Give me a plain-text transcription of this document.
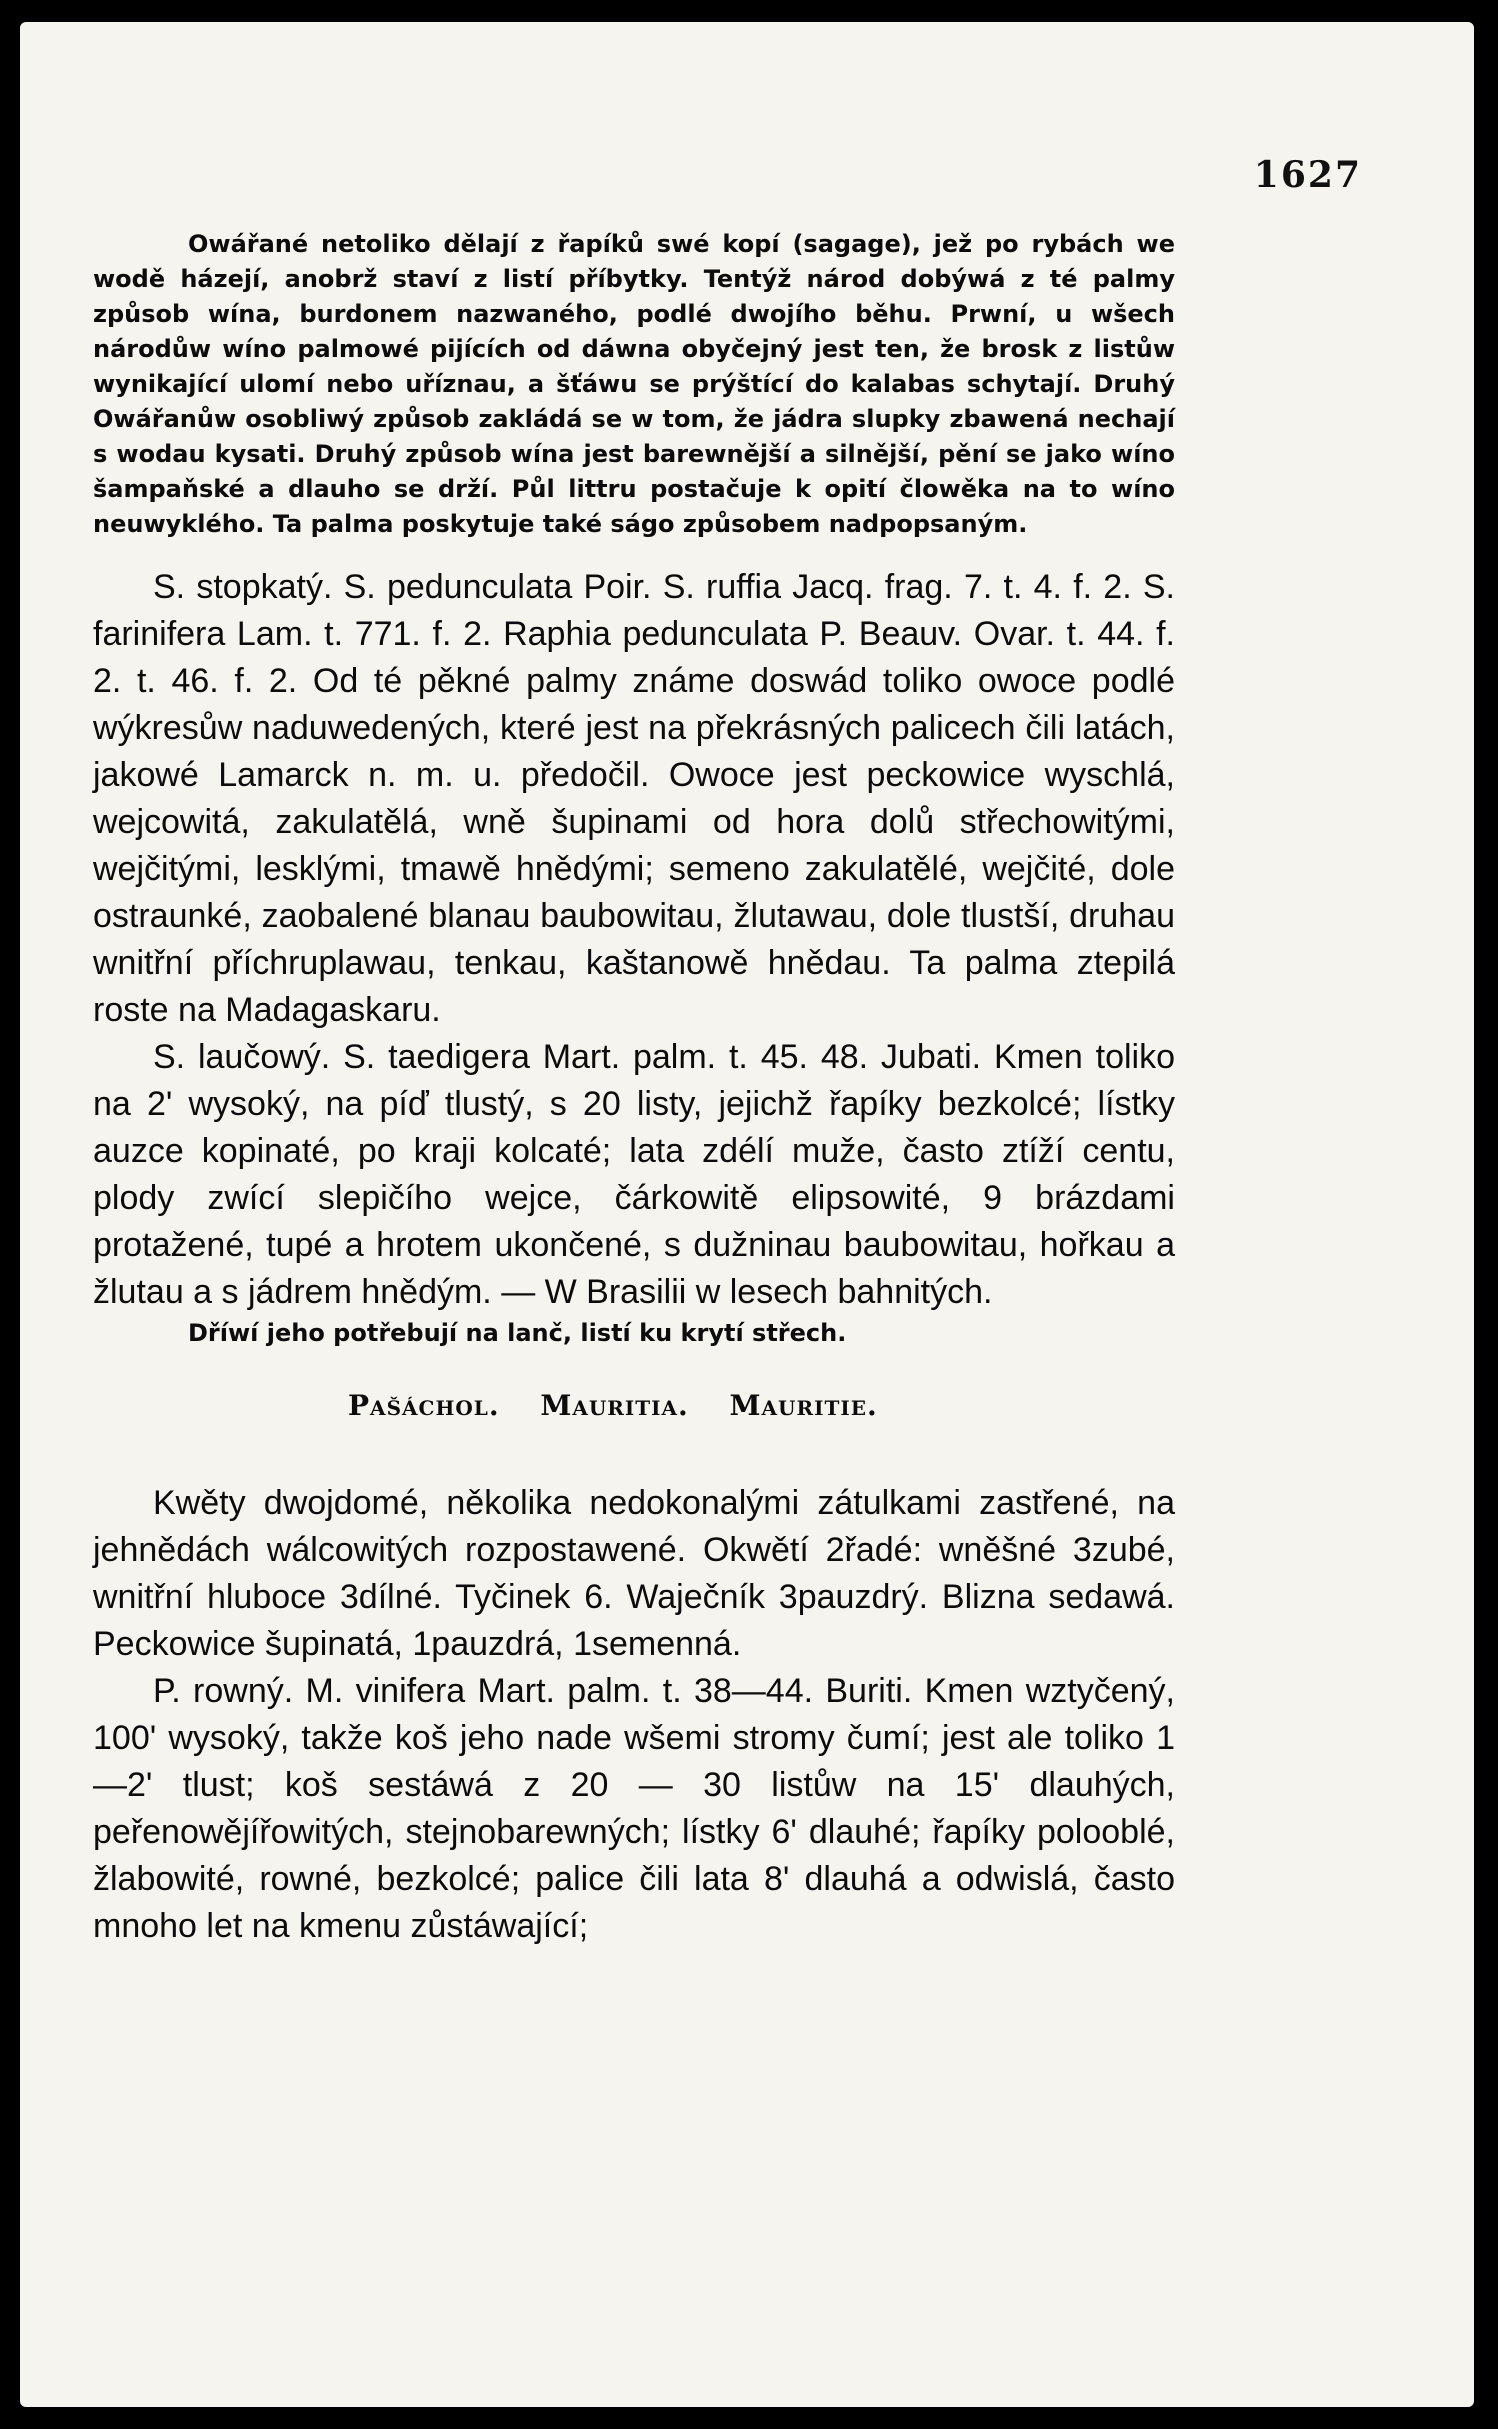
1627

Owářané netoliko dělají z řapíků swé kopí (sagage), jež po rybách we wodě házejí, anobrž staví z listí příbytky. Tentýž národ dobýwá z té palmy způsob wína, burdonem nazwaného, podlé dwojího běhu. Prwní, u wšech národůw wíno palmowé pijících od dáwna obyčejný jest ten, že brosk z listůw wynikající ulomí nebo uříznau, a šťáwu se prýštící do kalabas schytají. Druhý Owářanůw osobliwý způsob zakládá se w tom, že jádra slupky zbawená nechají s wodau kysati. Druhý způsob wína jest barewnější a silnější, pění se jako wíno šampaňské a dlauho se drží. Půl littru postačuje k opití člowěka na to wíno neuwyklého. Ta palma poskytuje také ságo způsobem nadpopsaným.

S. stopkatý. S. pedunculata Poir. S. ruffia Jacq. frag. 7. t. 4. f. 2. S. farinifera Lam. t. 771. f. 2. Raphia pedunculata P. Beauv. Ovar. t. 44. f. 2. t. 46. f. 2. Od té pěkné palmy známe doswád toliko owoce podlé wýkresůw naduwedených, které jest na překrásných palicech čili latách, jakowé Lamarck n. m. u. předočil. Owoce jest peckowice wyschlá, wejcowitá, zakulatělá, wně šupinami od hora dolů střechowitými, wejčitými, lesklými, tmawě hnědými; semeno zakulatělé, wejčité, dole ostraunké, zaobalené blanau baubowitau, žlutawau, dole tlustší, druhau wnitřní příchruplawau, tenkau, kaštanowě hnědau. Ta palma ztepilá roste na Madagaskaru.

S. laučowý. S. taedigera Mart. palm. t. 45. 48. Jubati. Kmen toliko na 2' wysoký, na píď tlustý, s 20 listy, jejichž řapíky bezkolcé; lístky auzce kopinaté, po kraji kolcaté; lata zdélí muže, často ztíží centu, plody zwící slepičího wejce, čárkowitě elipsowité, 9 brázdami protažené, tupé a hrotem ukončené, s dužninau baubowitau, hořkau a žlutau a s jádrem hnědým. — W Brasilii w lesech bahnitých.

Dříwí jeho potřebují na lanč, listí ku krytí střech.

Pašáchol. Mauritia. Mauritie.

Kwěty dwojdomé, několika nedokonalými zátulkami zastřené, na jehnědách wálcowitých rozpostawené. Okwětí 2řadé: wněšné 3zubé, wnitřní hluboce 3dílné. Tyčinek 6. Waječník 3pauzdrý. Blizna sedawá. Peckowice šupinatá, 1pauzdrá, 1semenná.

P. rowný. M. vinifera Mart. palm. t. 38—44. Buriti. Kmen wztyčený, 100' wysoký, takže koš jeho nade wšemi stromy čumí; jest ale toliko 1—2' tlust; koš sestáwá z 20 — 30 listůw na 15' dlauhých, peřenowějířowitých, stejnobarewných; lístky 6' dlauhé; řapíky polooblé, žlabowité, rowné, bezkolcé; palice čili lata 8' dlauhá a odwislá, často mnoho let na kmenu zůstáwající;
